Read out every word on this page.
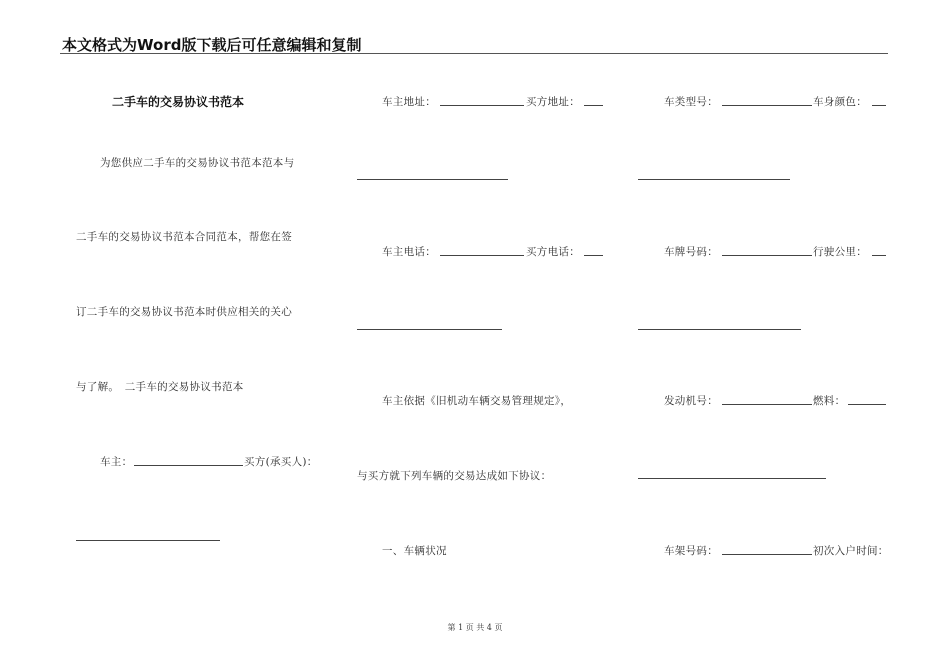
本文格式为Word版下载后可任意编辑和复制
二手车的交易协议书范本
为您供应二手车的交易协议书范本范本与
二手车的交易协议书范本合同范本，帮您在签
订二手车的交易协议书范本时供应相关的关心
与了解。　二手车的交易协议书范本
车主：	买方(承买人)：
车主地址：	买方地址：
车主电话：	买方电话：
车主依据《旧机动车辆交易管理规定》，
与买方就下列车辆的交易达成如下协议：
一、车辆状况
车类型号：	车身颜色：
车牌号码：	行驶公里：
发动机号：	燃料：
车架号码：	初次入户时间：
第 1 页 共 4 页
